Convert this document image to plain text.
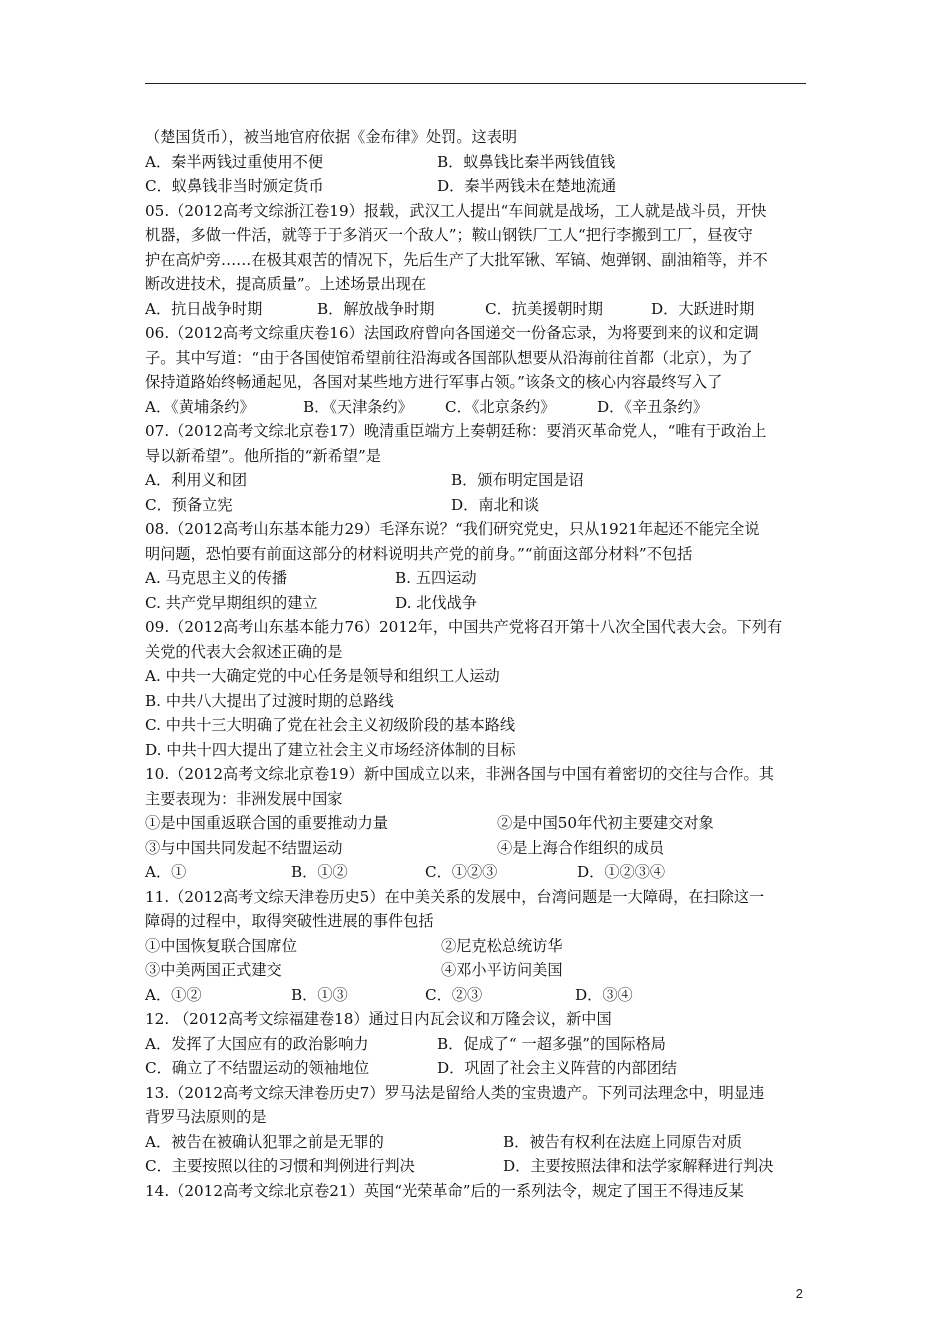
（楚国货币），被当地官府依据《金布律》处罚。这表明
A．秦半两钱过重使用不便	B．蚁鼻钱比秦半两钱值钱
C．蚁鼻钱非当时颁定货币	D．秦半两钱未在楚地流通
05.（2012高考文综浙江卷19）报载，武汉工人提出“车间就是战场，工人就是战斗员，开快
机器，多做一件活，就等于于多消灭一个敌人”；鞍山钢铁厂工人“把行李搬到工厂，昼夜守
护在高炉旁……在极其艰苦的情况下，先后生产了大批军锹、军镐、炮弹钢、副油箱等，并不
断改进技术，提高质量”。上述场景出现在
A．抗日战争时期	B．解放战争时期	C．抗美援朝时期	D．大跃进时期
06.（2012高考文综重庆卷16）法国政府曾向各国递交一份备忘录，为将要到来的议和定调
子。其中写道：“由于各国使馆希望前往沿海或各国部队想要从沿海前往首都（北京），为了
保持道路始终畅通起见，各国对某些地方进行军事占领。”该条文的核心内容最终写入了
A．《黄埔条约》	B．《天津条约》	C．《北京条约》	D．《辛丑条约》
07.（2012高考文综北京卷17）晚清重臣端方上奏朝廷称：要消灭革命党人，“唯有于政治上
导以新希望”。他所指的“新希望”是
A．利用义和团	B．颁布明定国是诏
C．预备立宪	D．南北和谈
08.（2012高考山东基本能力29）毛泽东说？“我们研究党史，只从1921年起还不能完全说
明问题，恐怕要有前面这部分的材料说明共产党的前身。”“前面这部分材料”不包括
A. 马克思主义的传播	B. 五四运动
C. 共产党早期组织的建立	D. 北伐战争
09.（2012高考山东基本能力76）2012年，中国共产党将召开第十八次全国代表大会。下列有
关党的代表大会叙述正确的是
A. 中共一大确定党的中心任务是领导和组织工人运动
B. 中共八大提出了过渡时期的总路线
C. 中共十三大明确了党在社会主义初级阶段的基本路线
D. 中共十四大提出了建立社会主义市场经济体制的目标
10.（2012高考文综北京卷19）新中国成立以来，非洲各国与中国有着密切的交往与合作。其
主要表现为：非洲发展中国家
①是中国重返联合国的重要推动力量	②是中国50年代初主要建交对象
③与中国共同发起不结盟运动	④是上海合作组织的成员
A．①	B．①②	C．①②③	D．①②③④
11.（2012高考文综天津卷历史5）在中美关系的发展中，台湾问题是一大障碍，在扫除这一
障碍的过程中，取得突破性进展的事件包括
①中国恢复联合国席位	②尼克松总统访华
③中美两国正式建交	④邓小平访问美国
A．①②	B．①③	C．②③	D．③④
12. （2012高考文综福建卷18）通过日内瓦会议和万隆会议，新中国
A．发挥了大国应有的政治影响力	B．促成了“ 一超多强”的国际格局
C．确立了不结盟运动的领袖地位	D．巩固了社会主义阵营的内部团结
13.（2012高考文综天津卷历史7）罗马法是留给人类的宝贵遗产。下列司法理念中，明显违
背罗马法原则的是
A．被告在被确认犯罪之前是无罪的	B．被告有权利在法庭上同原告对质
C．主要按照以往的习惯和判例进行判决	D．主要按照法律和法学家解释进行判决
14.（2012高考文综北京卷21）英国“光荣革命”后的一系列法令，规定了国王不得违反某
2
